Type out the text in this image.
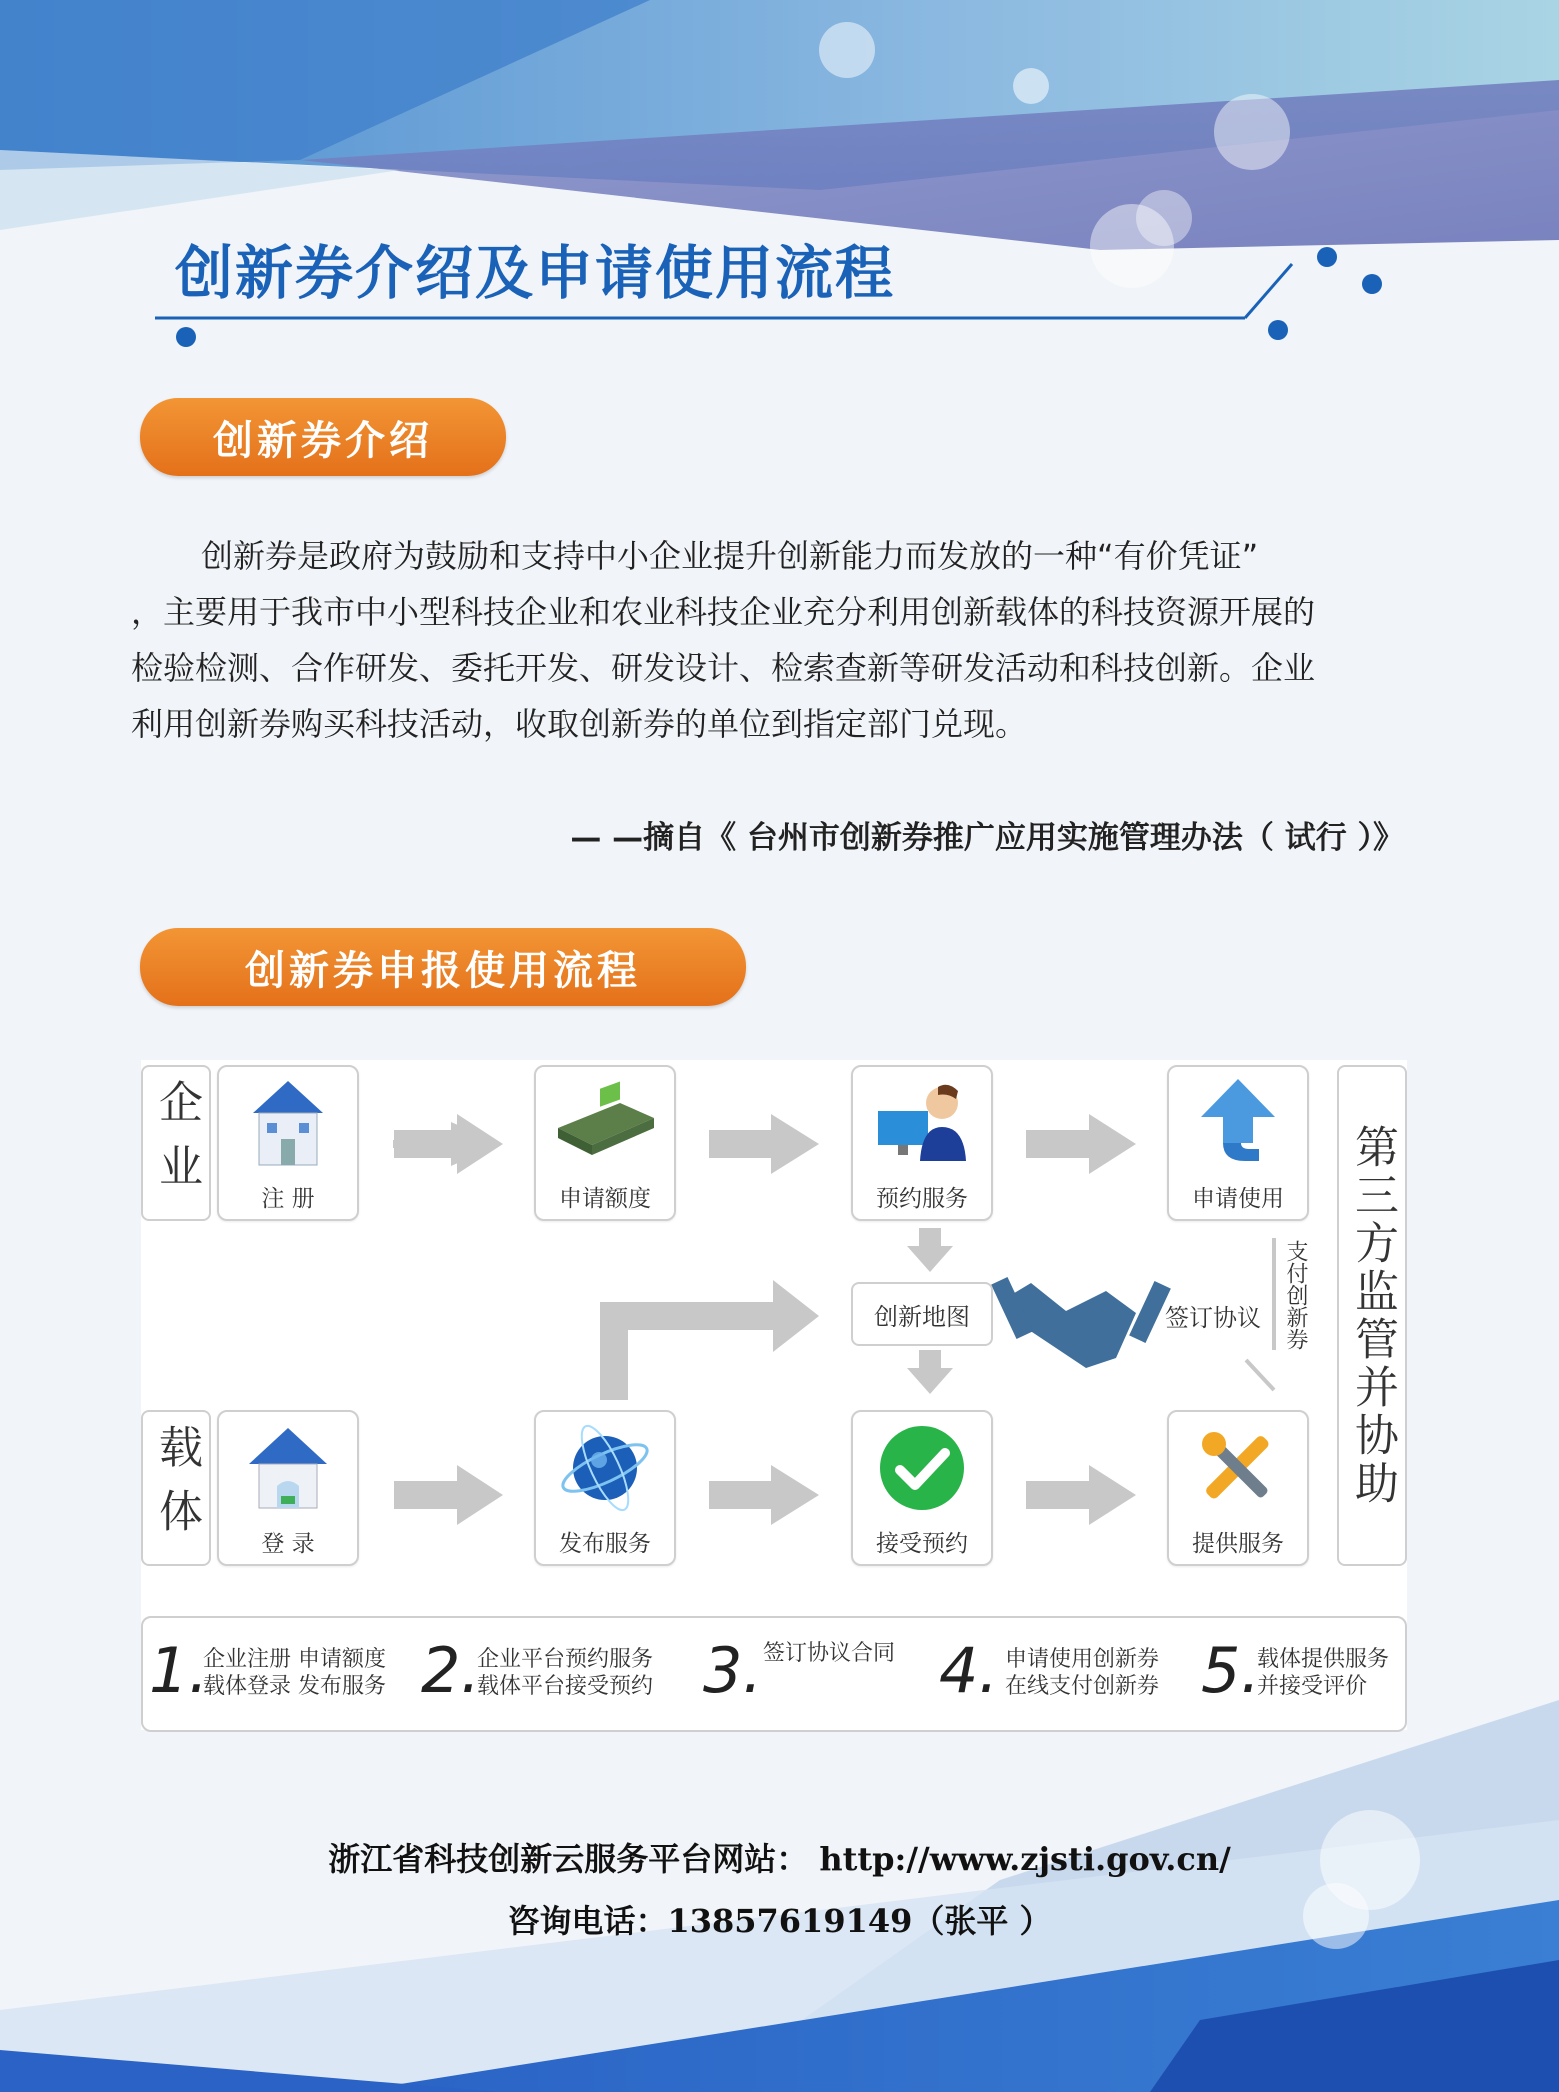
创新券介绍及申请使用流程
创新券介绍

创新券是政府为鼓励和支持中小企业提升创新能力而发放的一种“有价凭证”

，主要用于我市中小型科技企业和农业科技企业充分利用创新载体的科技资源开展的

检验检测、合作研发、委托开发、研发设计、检索查新等研发活动和科技创新。企业

利用创新券购买科技活动，收取创新券的单位到指定部门兑现。

— —摘自《 台州市创新券推广应用实施管理办法（ 试行 ）》
创新券申报使用流程
企业
载体	第三方监管并协助
注 册	申请额度	预约服务	申请使用
创新地图	签订协议 支付创新券
登 录	发布服务	接受预约	提供服务
1.
企业注册 申请额度
载体登录 发布服务 2.
企业平台预约服务
载体平台接受预约 3. 签订协议合同 4. 申请使用创新券
在线支付创新券 5.
载体提供服务
并接受评价
浙江省科技创新云服务平台网站： http://www.zjsti.gov.cn/
咨询电话：13857619149（张平 ）
